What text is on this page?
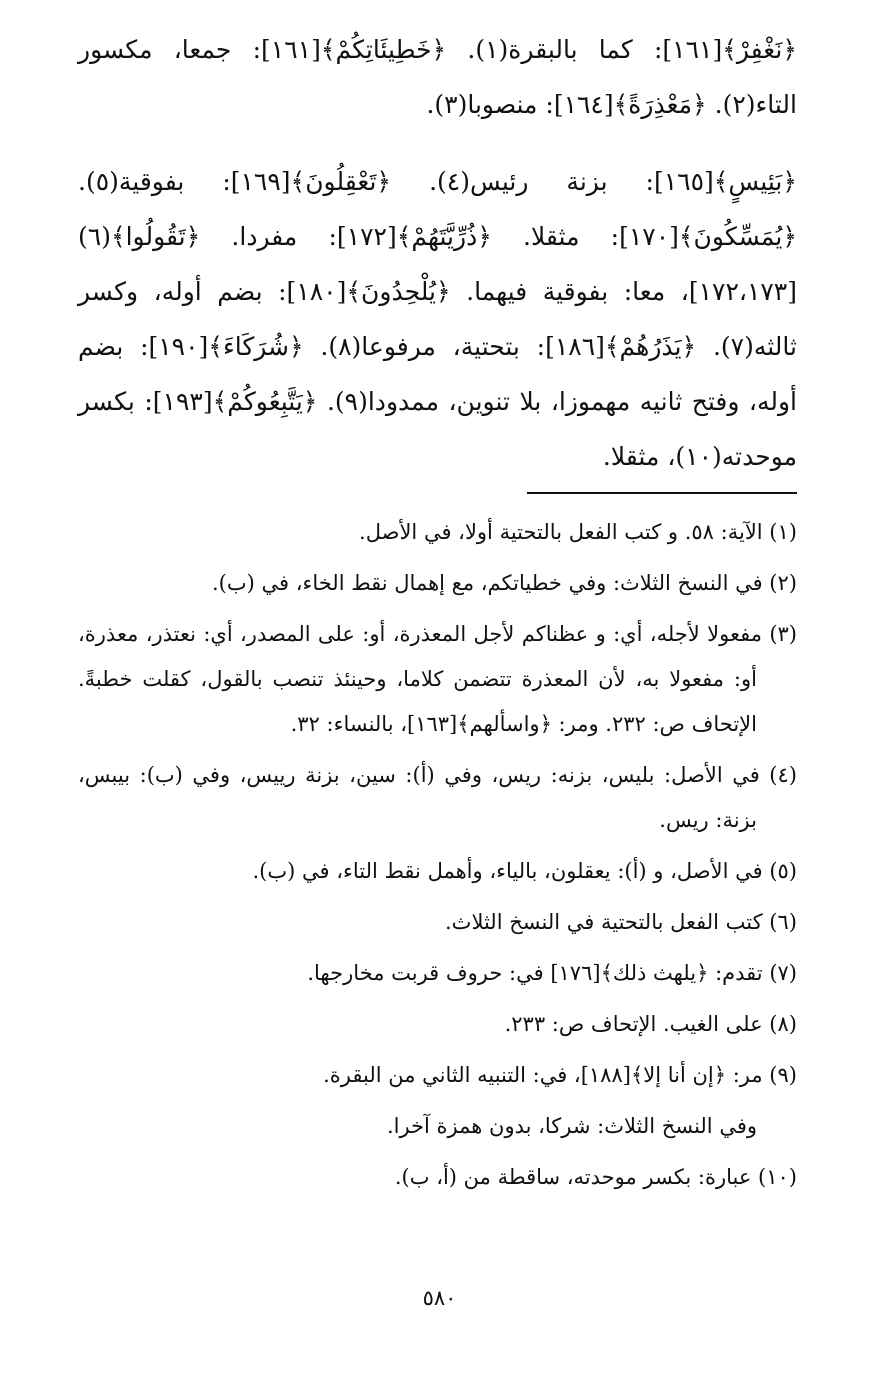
﴿نَغْفِرْ﴾[١٦١]: كما بالبقرة(١). ﴿خَطِيئَاتِكُمْ﴾[١٦١]: جمعا، مكسور التاء(٢). ﴿مَعْذِرَةً﴾[١٦٤]: منصوبا(٣).

﴿بَئِيسٍ﴾[١٦٥]: بزنة رئيس(٤). ﴿تَعْقِلُونَ﴾[١٦٩]: بفوقية(٥). ﴿يُمَسِّكُونَ﴾[١٧٠]: مثقلا. ﴿ذُرِّيَّتَهُمْ﴾[١٧٢]: مفردا. ﴿تَقُولُوا﴾(٦)[١٧٢،١٧٣]، معا: بفوقية فيهما. ﴿يُلْحِدُونَ﴾[١٨٠]: بضم أوله، وكسر ثالثه(٧). ﴿يَذَرُهُمْ﴾[١٨٦]: بتحتية، مرفوعا(٨). ﴿شُرَكَاءَ﴾[١٩٠]: بضم أوله، وفتح ثانيه مهموزا، بلا تنوين، ممدودا(٩). ﴿يَتَّبِعُوكُمْ﴾[١٩٣]: بكسر موحدته(١٠)، مثقلا.

(١) الآية: ٥٨. و كتب الفعل بالتحتية أولا، في الأصل.

(٢) في النسخ الثلاث: وفي خطياتكم، مع إهمال نقط الخاء، في (ب).

(٣) مفعولا لأجله، أي: و عظناكم لأجل المعذرة، أو: على المصدر، أي: نعتذر، معذرة، أو: مفعولا به، لأن المعذرة تتضمن كلاما، وحينئذ تنصب بالقول، كقلت خطبةً. الإتحاف ص: ٢٣٢. ومر: ﴿واسألهم﴾[١٦٣]، بالنساء: ٣٢.

(٤) في الأصل: بليس، بزنه: ريس، وفي (أ): سين، بزنة رييس، وفي (ب): بيبس، بزنة: ريس.

(٥) في الأصل، و (أ): يعقلون، بالياء، وأهمل نقط التاء، في (ب).

(٦) كتب الفعل بالتحتية في النسخ الثلاث.

(٧) تقدم: ﴿يلهث ذلك﴾[١٧٦] في: حروف قربت مخارجها.

(٨) على الغيب. الإتحاف ص: ٢٣٣.

(٩) مر: ﴿إن أنا إلا﴾[١٨٨]، في: التنبيه الثاني من البقرة.

وفي النسخ الثلاث: شركا، بدون همزة آخرا.

(١٠) عبارة: بكسر موحدته، ساقطة من (أ، ب).

٥٨٠
